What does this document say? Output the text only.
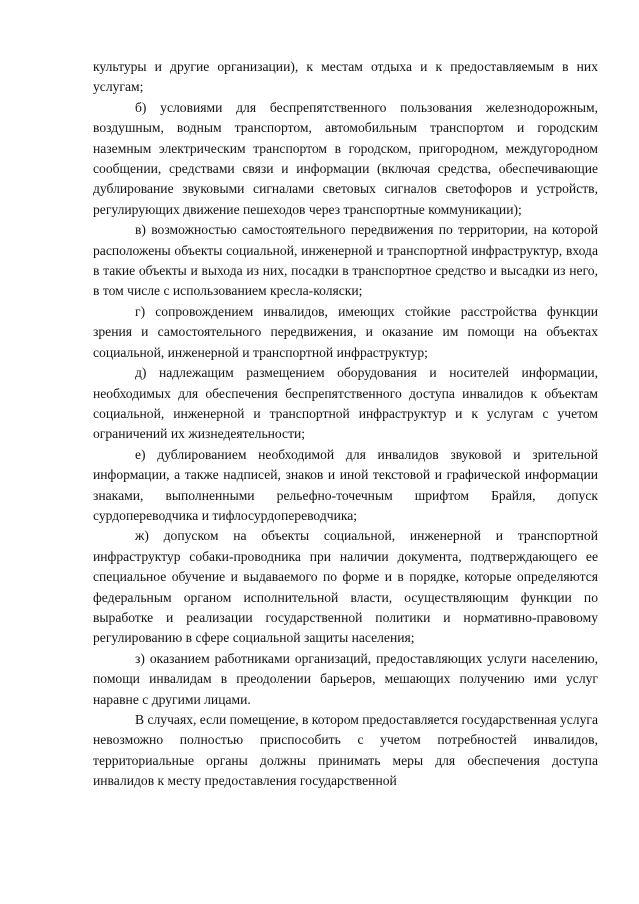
культуры и другие организации), к местам отдыха и к предоставляемым в них услугам;

б) условиями для беспрепятственного пользования железнодорожным, воздушным, водным транспортом, автомобильным транспортом и городским наземным электрическим транспортом в городском, пригородном, междугородном сообщении, средствами связи и информации (включая средства, обеспечивающие дублирование звуковыми сигналами световых сигналов светофоров и устройств, регулирующих движение пешеходов через транспортные коммуникации);

в) возможностью самостоятельного передвижения по территории, на которой расположены объекты социальной, инженерной и транспортной инфраструктур, входа в такие объекты и выхода из них, посадки в транспортное средство и высадки из него, в том числе с использованием кресла-коляски;

г) сопровождением инвалидов, имеющих стойкие расстройства функции зрения и самостоятельного передвижения, и оказание им помощи на объектах социальной, инженерной и транспортной инфраструктур;

д) надлежащим размещением оборудования и носителей информации, необходимых для обеспечения беспрепятственного доступа инвалидов к объектам социальной, инженерной и транспортной инфраструктур и к услугам с учетом ограничений их жизнедеятельности;

е) дублированием необходимой для инвалидов звуковой и зрительной информации, а также надписей, знаков и иной текстовой и графической информации знаками, выполненными рельефно-точечным шрифтом Брайля, допуск сурдопереводчика и тифлосурдопереводчика;

ж) допуском на объекты социальной, инженерной и транспортной инфраструктур собаки-проводника при наличии документа, подтверждающего ее специальное обучение и выдаваемого по форме и в порядке, которые определяются федеральным органом исполнительной власти, осуществляющим функции по выработке и реализации государственной политики и нормативно-правовому регулированию в сфере социальной защиты населения;

з) оказанием работниками организаций, предоставляющих услуги населению, помощи инвалидам в преодолении барьеров, мешающих получению ими услуг наравне с другими лицами.

В случаях, если помещение, в котором предоставляется государственная услуга невозможно полностью приспособить с учетом потребностей инвалидов, территориальные органы должны принимать меры для обеспечения доступа инвалидов к месту предоставления государственной
